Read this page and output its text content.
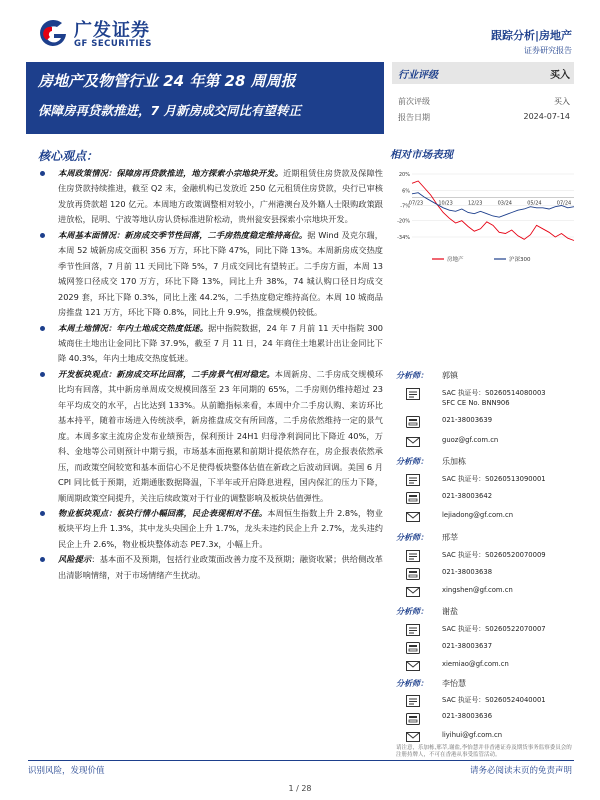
广发证券
GF SECURITIES
跟踪分析|房地产
证券研究报告
房地产及物管行业 24 年第 28 周周报
保障房再贷款推进，7 月新房成交同比有望转正
行业评级	买入
前次评级	买入
报告日期	2024-07-14
核心观点：	相对市场表现

本周政策情况：保障房再贷款推进，地方探索小宗地块开发。近期租赁住房贷款及保障性住房贷款持续推进，截至 Q2 末，金融机构已发放近 250 亿元租赁住房贷款，央行已审核发放再贷款超 120 亿元。本周地方政策调整相对较小，广州港澳台及外籍人士限购政策跟进放松，昆明、宁波等地认房认贷标准进阶松动，贵州瓮安县探索小宗地块开发。

本周基本面情况：新房成交季节性回落，二手房热度稳定维持高位。据 Wind 及克尔瑞，本周 52 城新房成交面积 356 万方，环比下降 47%，同比下降 13%。本周新房成交热度季节性回落，7 月前 11 天同比下降 5%，7 月成交同比有望转正。二手房方面，本周 13 城网签口径成交 170 万方，环比下降 13%，同比上升 38%，74 城认购口径日均成交 2029 套，环比下降 0.3%，同比上涨 44.2%，二手热度稳定维持高位。本周 10 城商品房推盘 121 万方，环比下降 0.8%，同比上升 9.9%，推盘规模仍较低。

本周土地情况：年内土地成交热度低迷。据中指院数据，24 年 7 月前 11 天中指院 300 城商住土地出让金同比下降 37.9%，截至 7 月 11 日，24 年商住土地累计出让金同比下降 40.3%，年内土地成交热度低迷。

开发板块观点：新房成交环比回落，二手房景气相对稳定。本周新房、二手房成交规模环比均有回落，其中新房单周成交规模回落至 23 年同期的 65%，二手房则仍维持超过 23 年平均成交的水平，占比达到 133%。从前瞻指标来看，本周中介二手房认购、来访环比基本持平，随着市场进入传统淡季，新房推盘成交有所回落，二手房依然维持一定的景气度。本周多家主流房企发布业绩预告，保利预计 24H1 归母净利润同比下降近 40%，万科、金地等公司则预计中期亏损，市场基本面拖累和前期计提依然存在，房企报表依然承压，而政策空间较宽和基本面信心不足使得板块整体估值在新政之后波动回调。美国 6 月 CPI 同比低于预期，近期通胀数据降温，下半年或开启降息进程，国内保汇的压力下降，顺周期政策空间提升，关注后续政策对于行业的调整影响及板块估值弹性。

物业板块观点：板块行情小幅回落，民企表现相对不佳。本周恒生指数上升 2.8%，物业板块平均上升 1.3%，其中龙头央国企上升 1.7%，龙头未违约民企上升 2.7%，龙头违约民企上升 2.6%，物业板块整体动态 PE7.3x，小幅上升。

风险提示：基本面不及预期，包括行业政策面改善力度不及预期；融资收紧；供给侧改革出清影响情绪，对于市场情绪产生扰动。

20%
6%
-7%
-20%
-34%
07/23	10/23	12/23	03/24	05/24	07/24
房地产	沪深300
分析师： 郭镇
SAC 执证号：S0260514080003
SFC CE No. BNN906
021-38003639
guoz@gf.com.cn
分析师： 乐加栋
SAC 执证号：S0260513090001
021-38003642
lejiadong@gf.com.cn
分析师： 邢莘
SAC 执证号：S0260520070009
021-38003638
xingshen@gf.com.cn
分析师： 谢盐
SAC 执证号：S0260522070007
021-38003637
xiemiao@gf.com.cn
分析师： 李怡慧
SAC 执证号：S0260524040001
021-38003636
liyihui@gf.com.cn
请注意，乐加栋,邢莘,谢盐,李怡慧并非香港证券及期货事务监察委员会的注册持牌人，不可在香港从事受监管活动。
识别风险，发现价值	请务必阅读末页的免责声明
1 / 28
